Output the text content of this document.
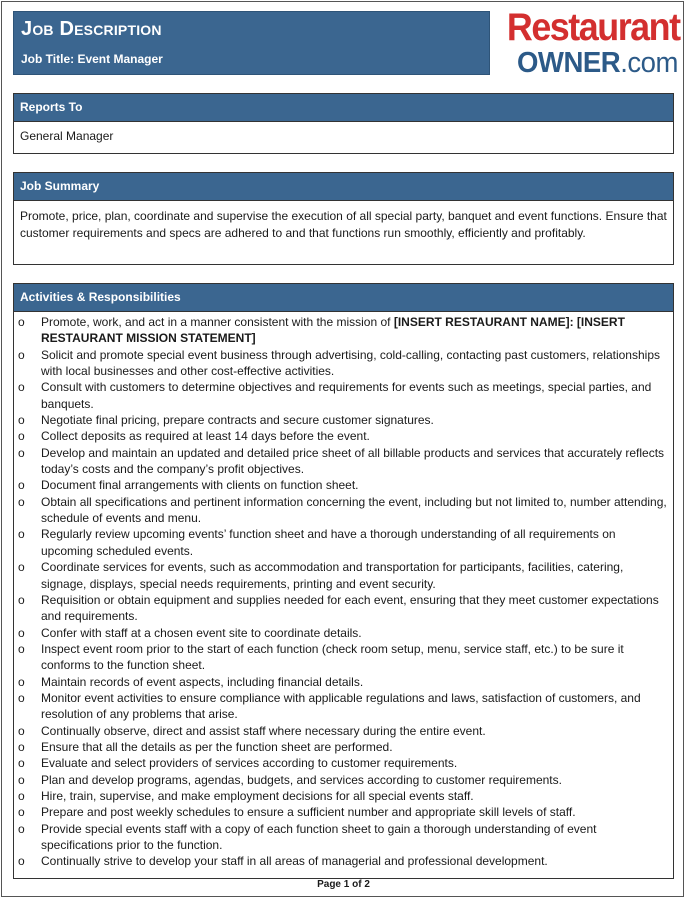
Job Description
Job Title: Event Manager
Restaurant
OWNER.com
Reports To
General Manager
Job Summary
Promote, price, plan, coordinate and supervise the execution of all special party, banquet and event functions. Ensure that customer requirements and specs are adhered to and that functions run smoothly, efficiently and profitably.
Activities & Responsibilities
o Promote, work, and act in a manner consistent with the mission of [INSERT RESTAURANT NAME]: [INSERT RESTAURANT MISSION STATEMENT]
o Solicit and promote special event business through advertising, cold-calling, contacting past customers, relationships with local businesses and other cost-effective activities.
o Consult with customers to determine objectives and requirements for events such as meetings, special parties, and banquets.
o Negotiate final pricing, prepare contracts and secure customer signatures.
o Collect deposits as required at least 14 days before the event.
o Develop and maintain an updated and detailed price sheet of all billable products and services that accurately reflects today’s costs and the company’s profit objectives.
o Document final arrangements with clients on function sheet.
o Obtain all specifications and pertinent information concerning the event, including but not limited to, number attending, schedule of events and menu.
o Regularly review upcoming events’ function sheet and have a thorough understanding of all requirements on upcoming scheduled events.
o Coordinate services for events, such as accommodation and transportation for participants, facilities, catering, signage, displays, special needs requirements, printing and event security.
o Requisition or obtain equipment and supplies needed for each event, ensuring that they meet customer expectations and requirements.
o Confer with staff at a chosen event site to coordinate details.
o Inspect event room prior to the start of each function (check room setup, menu, service staff, etc.) to be sure it conforms to the function sheet.
o Maintain records of event aspects, including financial details.
o Monitor event activities to ensure compliance with applicable regulations and laws, satisfaction of customers, and resolution of any problems that arise.
o Continually observe, direct and assist staff where necessary during the entire event.
o Ensure that all the details as per the function sheet are performed.
o Evaluate and select providers of services according to customer requirements.
o Plan and develop programs, agendas, budgets, and services according to customer requirements.
o Hire, train, supervise, and make employment decisions for all special events staff.
o Prepare and post weekly schedules to ensure a sufficient number and appropriate skill levels of staff.
o Provide special events staff with a copy of each function sheet to gain a thorough understanding of event specifications prior to the function.
o Continually strive to develop your staff in all areas of managerial and professional development.
Page 1 of 2
